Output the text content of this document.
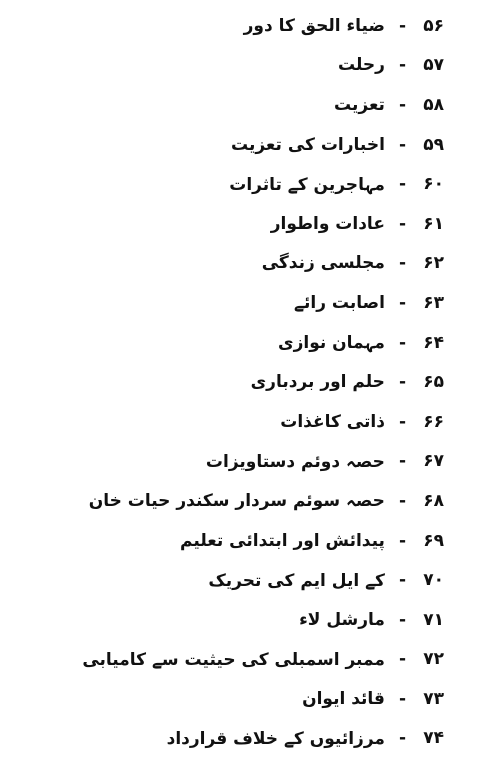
۵۶
-
ضیاء الحق کا دور
۵۷
-
رحلت
۵۸
-
تعزیت
۵۹
-
اخبارات کی تعزیت
۶۰
-
مہاجرین کے تاثرات
۶۱
-
عادات واطوار
۶۲
-
مجلسی زندگی
۶۳
-
اصابت رائے
۶۴
-
مہمان نوازی
۶۵
-
حلم اور بردباری
۶۶
-
ذاتی کاغذات
۶۷
-
حصہ دوئم دستاویزات
۶۸
-
حصہ سوئم سردار سکندر حیات خان
۶۹
-
پیدائش اور ابتدائی تعلیم
۷۰
-
کے ایل ایم کی تحریک
۷۱
-
مارشل لاء
۷۲
-
ممبر اسمبلی کی حیثیت سے کامیابی
۷۳
-
قائد ایوان
۷۴
-
مرزائیوں کے خلاف قرارداد
